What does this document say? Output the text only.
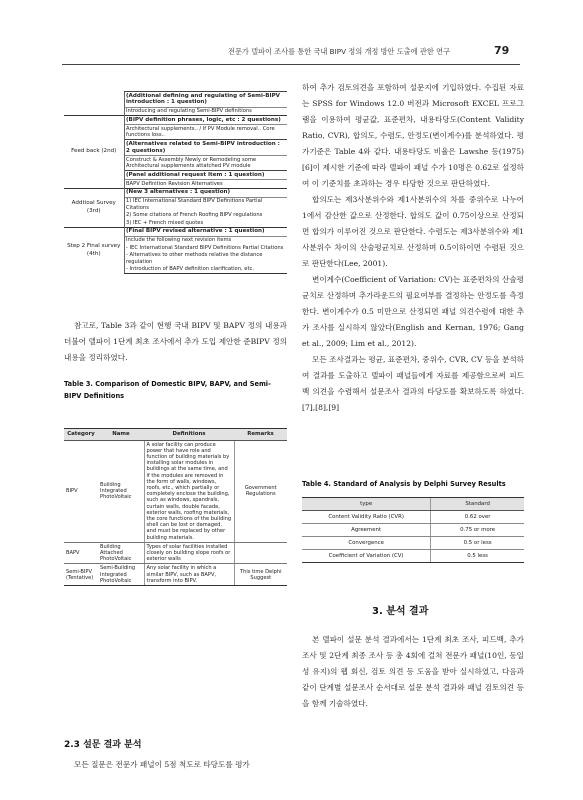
전문가 델파이 조사를 통한 국내 BIPV 정의 개정 방안 도출에 관한 연구	79
	(Additional defining and regulating of Semi-BIPV introduction : 1 question)
	Introducing and regulating Semi-BIPV definitions
Feed back (2nd)	(BIPV definition phrases, logic, etc : 2 questions)
	Architectural supplements.. / If PV Module removal.. Core functions loss..
	(Alternatives related to Semi-BIPV introduction : 2 questions)
	Construct & Assembly Newly or Remodeling some Architectural supplements attatched PV module
	(Panel additional request Item : 1 question)
	BAPV Definition Revision Alternatives
Addtioal Survey (3rd)	(New 3 alternatives : 1 question)
	1) IEC International Standard BIPV Definitions Partial Citations
	2) Some citations of French Roofing BIPV regulations
	3) IEC + French mixed quotes
Step 2 Final survey (4th)	(Final BIPV revised alternative : 1 question)
	Include the following next revision items
	- IEC International Standard BIPV Definitions Partial Citations
	- Alternatives to other methods relative the distance regulation
	- Introduction of BAPV definition clarification, etc.

참고로, Table 3과 같이 현행 국내 BIPV 및 BAPV 정의 내용과 더불어 델파이 1단계 최초 조사에서 추가 도입 제안한 준BIPV 정의 내용을 정리하였다.

Table 3. Comparison of Domestic BIPV, BAPV, and Semi-BIPV Definitions
Category	Name	Definitions	Remarks
BIPV	Building Integrated PhotoVoltaic	A solar facility can produce power that have role and function of building materials by installing solar modules in buildings at the same time, and if the modules are removed in the form of walls, windows, roofs, etc., which partially or completely enclose the building, such as windows, spandrals, curtain walls, double facade, exterior walls, roofing materials, the core functions of the building shell can be lost or damaged, and must be replaced by other building materials.	Government Regulations
BAPV	Building Attached PhotoVoltaic	Types of solar facilities installed closely on building slope roofs or exterior walls	
Semi-BIPV (Tentative)	Semi-Building Integrated PhotoVoltaic	Any solar facility in which a similar BIPV, such as BAPV, transform into BIPV.	This time Delphi Suggest
2.3 설문 결과 분석

모든 질문은 전문가 패널이 5점 척도로 타당도를 평가

하여 추가 검토의견을 포함하여 설문지에 기입하였다. 수집된 자료는 SPSS for Windows 12.0 버전과 Microsoft EXCEL 프로그램을 이용하여 평균값, 표준편차, 내용타당도(Content Validity Ratio, CVR), 합의도, 수렴도, 안정도(변이계수)를 분석하였다. 평가기준은 Table 4와 같다. 내용타당도 비율은 Lawshe 등(1975)[6]이 제시한 기준에 따라 델파이 패널 수가 10명은 0.62로 설정하여 이 기준치를 초과하는 경우 타당한 것으로 판단하였다.

합의도는 제3사분위수와 제1사분위수의 차를 중위수로 나누어 1에서 감산한 값으로 산정한다. 합의도 값이 0.75이상으로 산정되면 합의가 이루어진 것으로 판단한다. 수렴도는 제3사분위수와 제1사분위수 차이의 산술평균치로 산정하며 0.5이하이면 수렴된 것으로 판단한다(Lee, 2001).

변이계수(Coefficient of Variation: CV)는 표준편차의 산술평균치로 산정하며 추가라운드의 필요여부를 결정하는 안정도를 측정한다. 변이계수가 0.5 미만으로 산정되면 패널 의견수렴에 대한 추가 조사를 실시하지 않았다(English and Kernan, 1976; Gang et al., 2009; Lim et al., 2012).

모든 조사결과는 평균, 표준편차, 중위수, CVR, CV 등을 분석하여 결과를 도출하고 델파이 패널들에게 자료를 제공함으로써 피드백 의견을 수렴해서 설문조사 결과의 타당도를 확보하도록 하였다.[7],[8],[9]

Table 4. Standard of Analysis by Delphi Survey Results
type	Standard
Content Validity Ratio (CVR)	0.62 over
Agreement	0.75 or more
Convergence	0.5 or less
Coefficient of Variation (CV)	0.5 less
3. 분석 결과

본 델파이 설문 분석 결과에서는 1단계 최초 조사, 피드백, 추가 조사 및 2단계 최종 조사 등 총 4회에 걸쳐 전문가 패널(10인, 동일성 유지)의 웹 회신, 검토 의견 등 도움을 받아 실시하였고, 다음과 같이 단계별 설문조사 순서대로 설문 분석 결과와 패널 검토의견 등을 함께 기술하였다.
